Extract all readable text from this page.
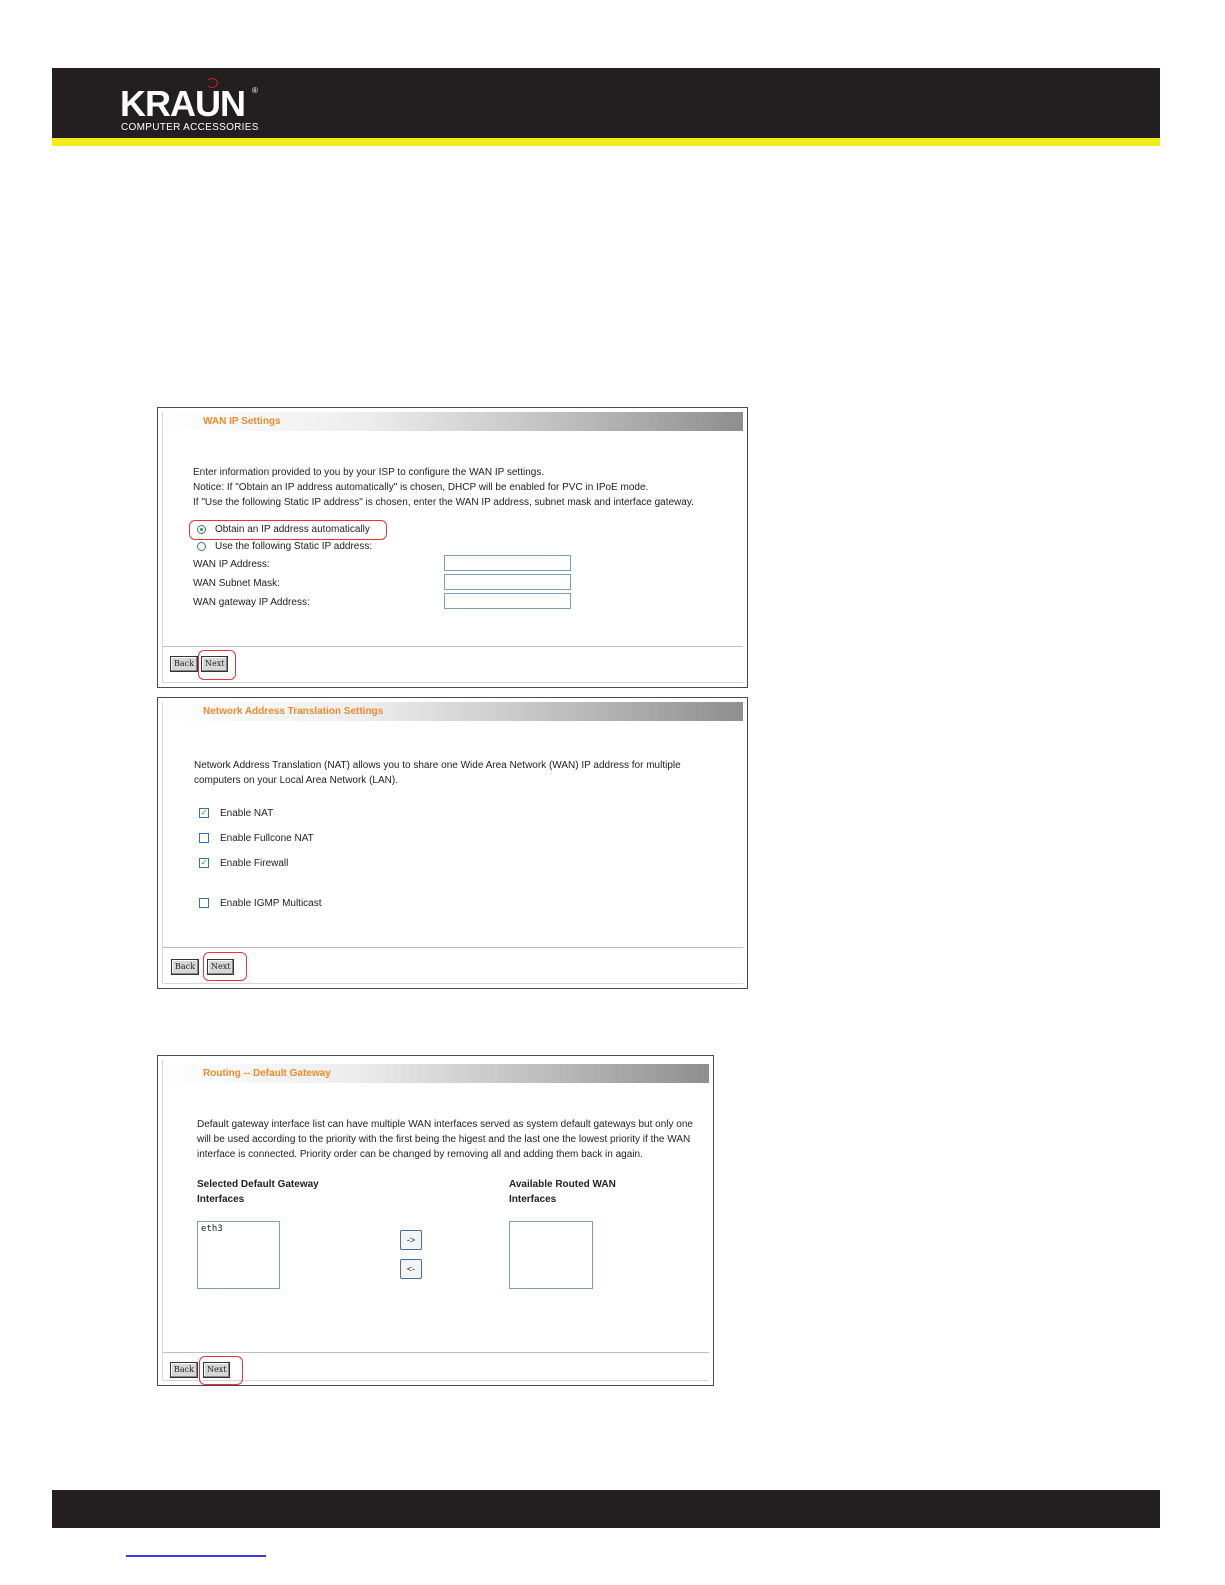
KRAUN ®
COMPUTER ACCESSORIES
WAN IP Settings
Enter information provided to you by your ISP to configure the WAN IP settings.
Notice: If "Obtain an IP address automatically" is chosen, DHCP will be enabled for PVC in IPoE mode.
If "Use the following Static IP address" is chosen, enter the WAN IP address, subnet mask and interface gateway.
Obtain an IP address automatically
Use the following Static IP address:
WAN IP Address:
WAN Subnet Mask:
WAN gateway IP Address:
Back	Next
Network Address Translation Settings
Network Address Translation (NAT) allows you to share one Wide Area Network (WAN) IP address for multiple
computers on your Local Area Network (LAN).
✓ Enable NAT
Enable Fullcone NAT
✓ Enable Firewall
Enable IGMP Multicast
Back	Next
Routing -- Default Gateway
Default gateway interface list can have multiple WAN interfaces served as system default gateways but only one
will be used according to the priority with the first being the higest and the last one the lowest priority if the WAN
interface is connected. Priority order can be changed by removing all and adding them back in again.
Selected Default Gateway
Interfaces
Available Routed WAN
Interfaces
eth3
->
<-
Back	Next
